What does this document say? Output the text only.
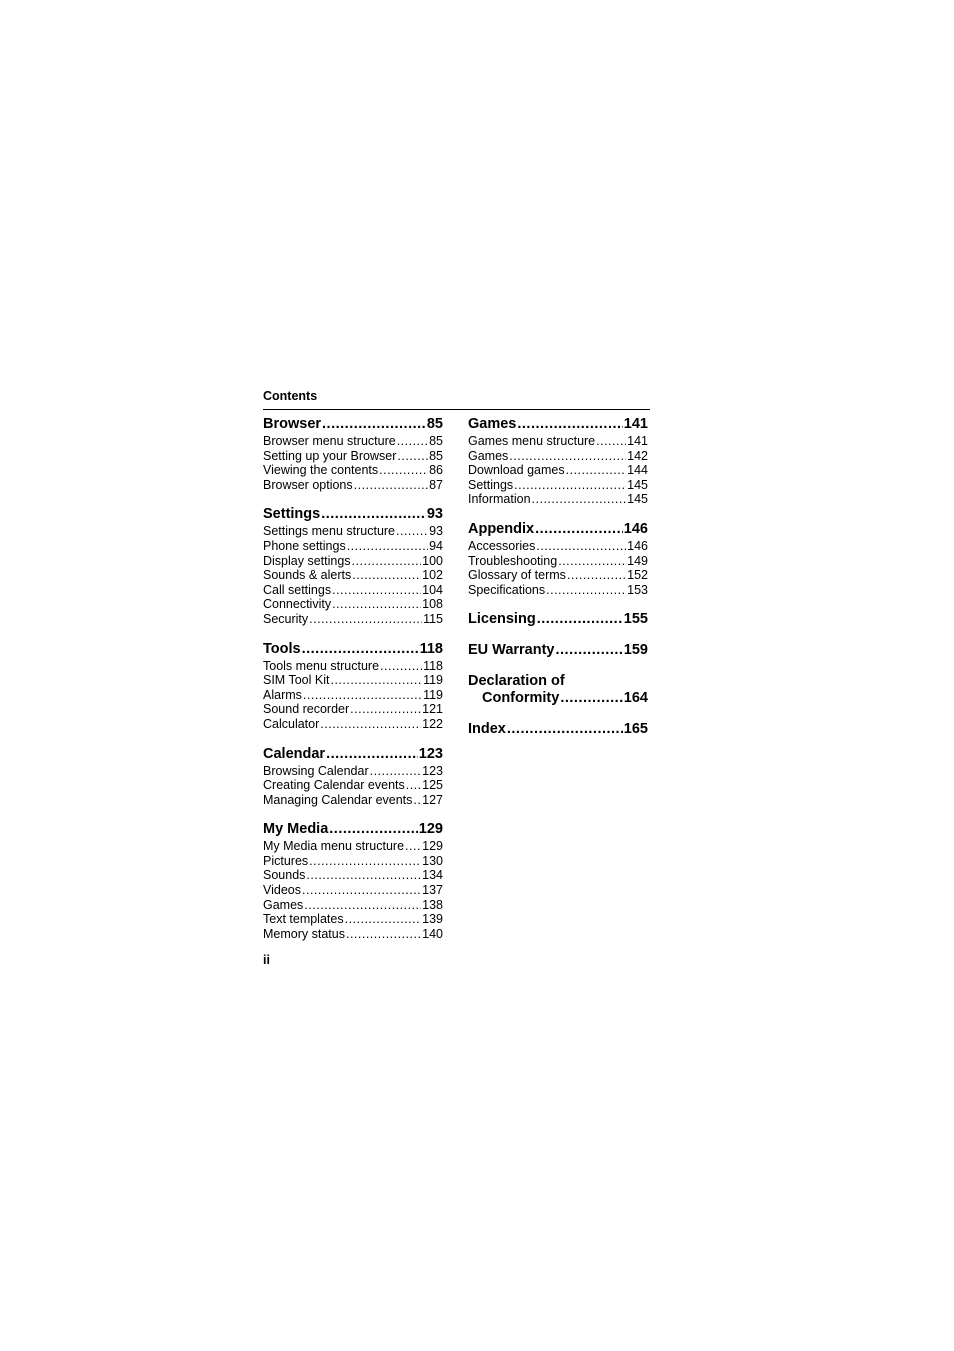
Contents
Browser .....	85
Browser menu structure .....	85
Setting up your Browser .....	85
Viewing the contents .....	86
Browser options .....	87
Settings .....	93
Settings menu structure .....	93
Phone settings .....	94
Display settings .....	100
Sounds & alerts .....	102
Call settings .....	104
Connectivity .....	108
Security .....	115
Tools .....	118
Tools menu structure .....	118
SIM Tool Kit .....	119
Alarms .....	119
Sound recorder .....	121
Calculator .....	122
Calendar .....	123
Browsing Calendar .....	123
Creating Calendar events ..... 125
Managing Calendar events ..... 127
My Media .....	129
My Media menu structure ..... 129
Pictures .....	130
Sounds .....	134
Videos .....	137
Games .....	138
Text templates .....	139
Memory status .....	140
Games .....	141
Games menu structure .....	141
Games .....	142
Download games .....	144
Settings .....	145
Information .....	145
Appendix .....	146
Accessories .....	146
Troubleshooting .....	149
Glossary of terms .....	152
Specifications .....	153
Licensing .....	155
EU Warranty .....	159
Declaration of
Conformity .....	164
Index .....	165
ii
